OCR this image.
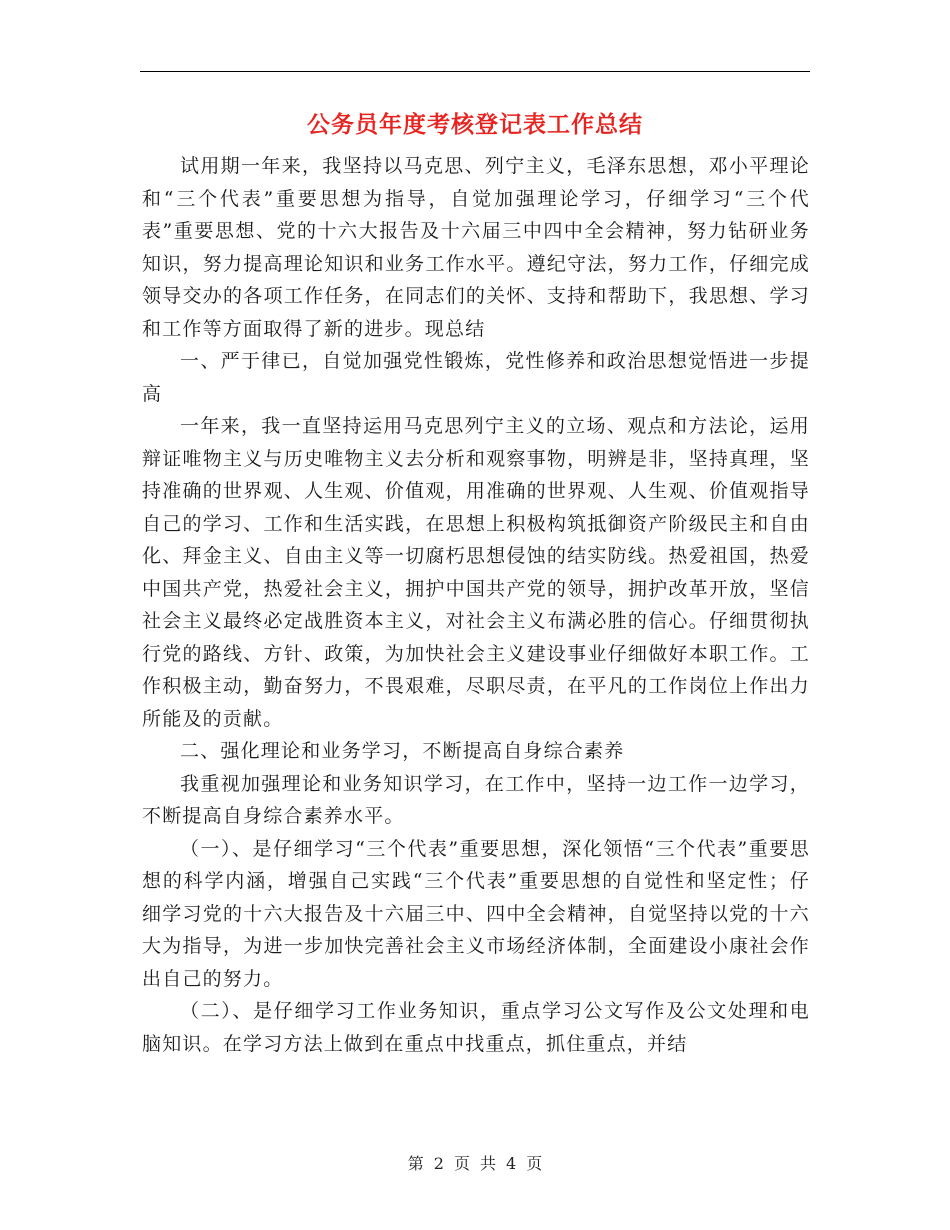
公务员年度考核登记表工作总结

试用期一年来，我坚持以马克思、列宁主义，毛泽东思想，邓小平理论和“三个代表”重要思想为指导，自觉加强理论学习，仔细学习“三个代表”重要思想、党的十六大报告及十六届三中四中全会精神，努力钻研业务知识，努力提高理论知识和业务工作水平。遵纪守法，努力工作，仔细完成领导交办的各项工作任务，在同志们的关怀、支持和帮助下，我思想、学习和工作等方面取得了新的进步。现总结

一、严于律已，自觉加强党性锻炼，党性修养和政治思想觉悟进一步提高

一年来，我一直坚持运用马克思列宁主义的立场、观点和方法论，运用辩证唯物主义与历史唯物主义去分析和观察事物，明辨是非，坚持真理，坚持准确的世界观、人生观、价值观，用准确的世界观、人生观、价值观指导自己的学习、工作和生活实践，在思想上积极构筑抵御资产阶级民主和自由化、拜金主义、自由主义等一切腐朽思想侵蚀的结实防线。热爱祖国，热爱中国共产党，热爱社会主义，拥护中国共产党的领导，拥护改革开放，坚信社会主义最终必定战胜资本主义，对社会主义布满必胜的信心。仔细贯彻执行党的路线、方针、政策，为加快社会主义建设事业仔细做好本职工作。工作积极主动，勤奋努力，不畏艰难，尽职尽责，在平凡的工作岗位上作出力所能及的贡献。

二、强化理论和业务学习，不断提高自身综合素养

我重视加强理论和业务知识学习，在工作中，坚持一边工作一边学习，不断提高自身综合素养水平。

（一）、是仔细学习“三个代表”重要思想，深化领悟“三个代表”重要思想的科学内涵，增强自己实践“三个代表”重要思想的自觉性和坚定性；仔细学习党的十六大报告及十六届三中、四中全会精神，自觉坚持以党的十六大为指导，为进一步加快完善社会主义市场经济体制，全面建设小康社会作出自己的努力。

（二）、是仔细学习工作业务知识，重点学习公文写作及公文处理和电脑知识。在学习方法上做到在重点中找重点，抓住重点，并结

第 2 页 共 4 页
